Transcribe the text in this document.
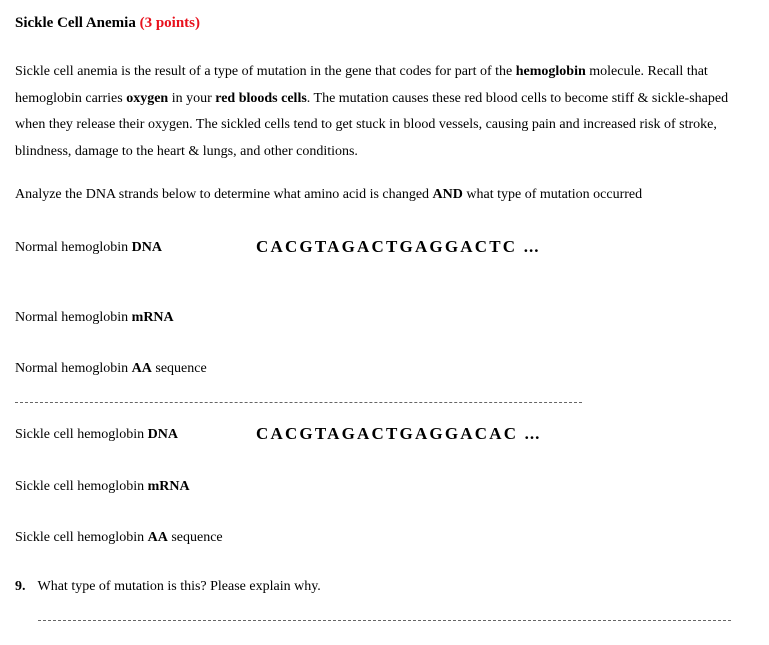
Sickle Cell Anemia (3 points)
Sickle cell anemia is the result of a type of mutation in the gene that codes for part of the hemoglobin molecule. Recall that hemoglobin carries oxygen in your red bloods cells. The mutation causes these red blood cells to become stiff & sickle-shaped when they release their oxygen. The sickled cells tend to get stuck in blood vessels, causing pain and increased risk of stroke, blindness, damage to the heart & lungs, and other conditions.
Analyze the DNA strands below to determine what amino acid is changed AND what type of mutation occurred
Normal hemoglobin DNA	CACGTAGACTGAGGACTC ...
Normal hemoglobin mRNA
Normal hemoglobin AA sequence
Sickle cell hemoglobin DNA	CACGTAGACTGAGGACAC ...
Sickle cell hemoglobin mRNA
Sickle cell hemoglobin AA sequence
9. What type of mutation is this? Please explain why.
